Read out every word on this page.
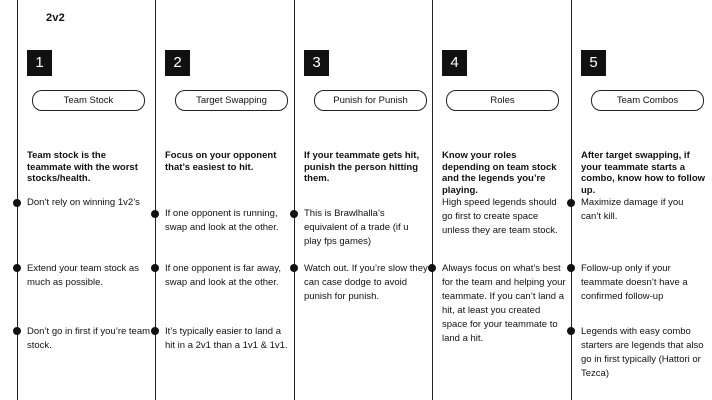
2v2
1
Team Stock
Team stock is the teammate with the worst stocks/health.
Don’t rely on winning 1v2’s
Extend your team stock as much as possible.
Don’t go in first if you’re team stock.
2
Target Swapping
Focus on your opponent that’s easiest to hit.
If one opponent is running, swap and look at the other.
If one opponent is far away, swap and look at the other.
It’s typically easier to land a hit in a 2v1 than a 1v1 & 1v1.
3
Punish for Punish
If your teammate gets hit, punish the person hitting them.
This is Brawlhalla’s equivalent of a trade (if u play fps games)
Watch out. If you’re slow they can case dodge to avoid punish for punish.
4
Roles
Know your roles depending on team stock and the legends you’re playing.
High speed legends should go first to create space unless they are team stock.
Always focus on what’s best for the team and helping your teammate. If you can’t land a hit, at least you created space for your teammate to land a hit.
5
Team Combos
After target swapping, if your teammate starts a combo, know how to follow up.
Maximize damage if you can’t kill.
Follow-up only if your teammate doesn’t have a confirmed follow-up
Legends with easy combo starters are legends that also go in first typically (Hattori or Tezca)
